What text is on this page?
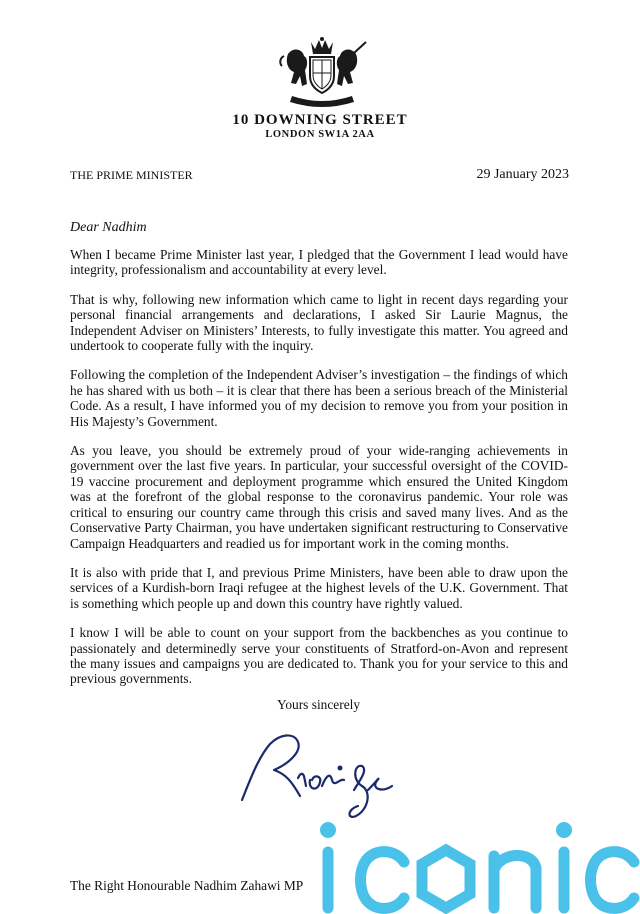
10 DOWNING STREET
LONDON SW1A 2AA
THE PRIME MINISTER	29 January 2023
Dear Nadhim

When I became Prime Minister last year, I pledged that the Government I lead would have integrity, professionalism and accountability at every level.

That is why, following new information which came to light in recent days regarding your personal financial arrangements and declarations, I asked Sir Laurie Magnus, the Independent Adviser on Ministers’ Interests, to fully investigate this matter. You agreed and undertook to cooperate fully with the inquiry.

Following the completion of the Independent Adviser’s investigation – the findings of which he has shared with us both – it is clear that there has been a serious breach of the Ministerial Code. As a result, I have informed you of my decision to remove you from your position in His Majesty’s Government.

As you leave, you should be extremely proud of your wide-ranging achievements in government over the last five years. In particular, your successful oversight of the COVID-19 vaccine procurement and deployment programme which ensured the United Kingdom was at the forefront of the global response to the coronavirus pandemic. Your role was critical to ensuring our country came through this crisis and saved many lives. And as the Conservative Party Chairman, you have undertaken significant restructuring to Conservative Campaign Headquarters and readied us for important work in the coming months.

It is also with pride that I, and previous Prime Ministers, have been able to draw upon the services of a Kurdish-born Iraqi refugee at the highest levels of the U.K. Government. That is something which people up and down this country have rightly valued.

I know I will be able to count on your support from the backbenches as you continue to passionately and determinedly serve your constituents of Stratford-on-Avon and represent the many issues and campaigns you are dedicated to. Thank you for your service to this and previous governments.

Yours sincerely
The Right Honourable Nadhim Zahawi MP
iconic
